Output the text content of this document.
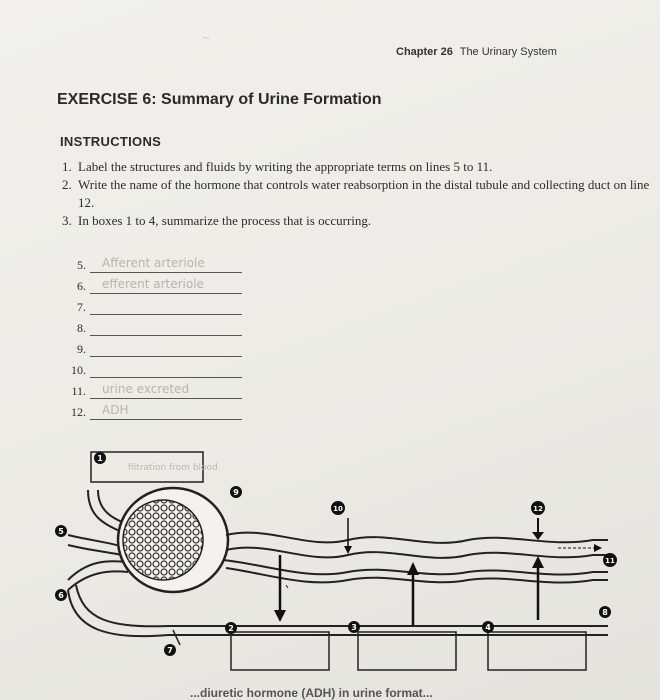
~
Chapter 26 The Urinary System
EXERCISE 6: Summary of Urine Formation
INSTRUCTIONS
1. Label the structures and fluids by writing the appropriate terms on lines 5 to 11.
2. Write the name of the hormone that controls water reabsorption in the distal tubule and collecting duct on line 12.
3. In boxes 1 to 4, summarize the process that is occurring.
5. Afferent arteriole
6. efferent arteriole
7.
8.
9.
10.
11. urine excreted
12. ADH
filtration from blood
1
2	3	4
5
6
7
8
9
10
11
12
...diuretic hormone (ADH) in urine format...
